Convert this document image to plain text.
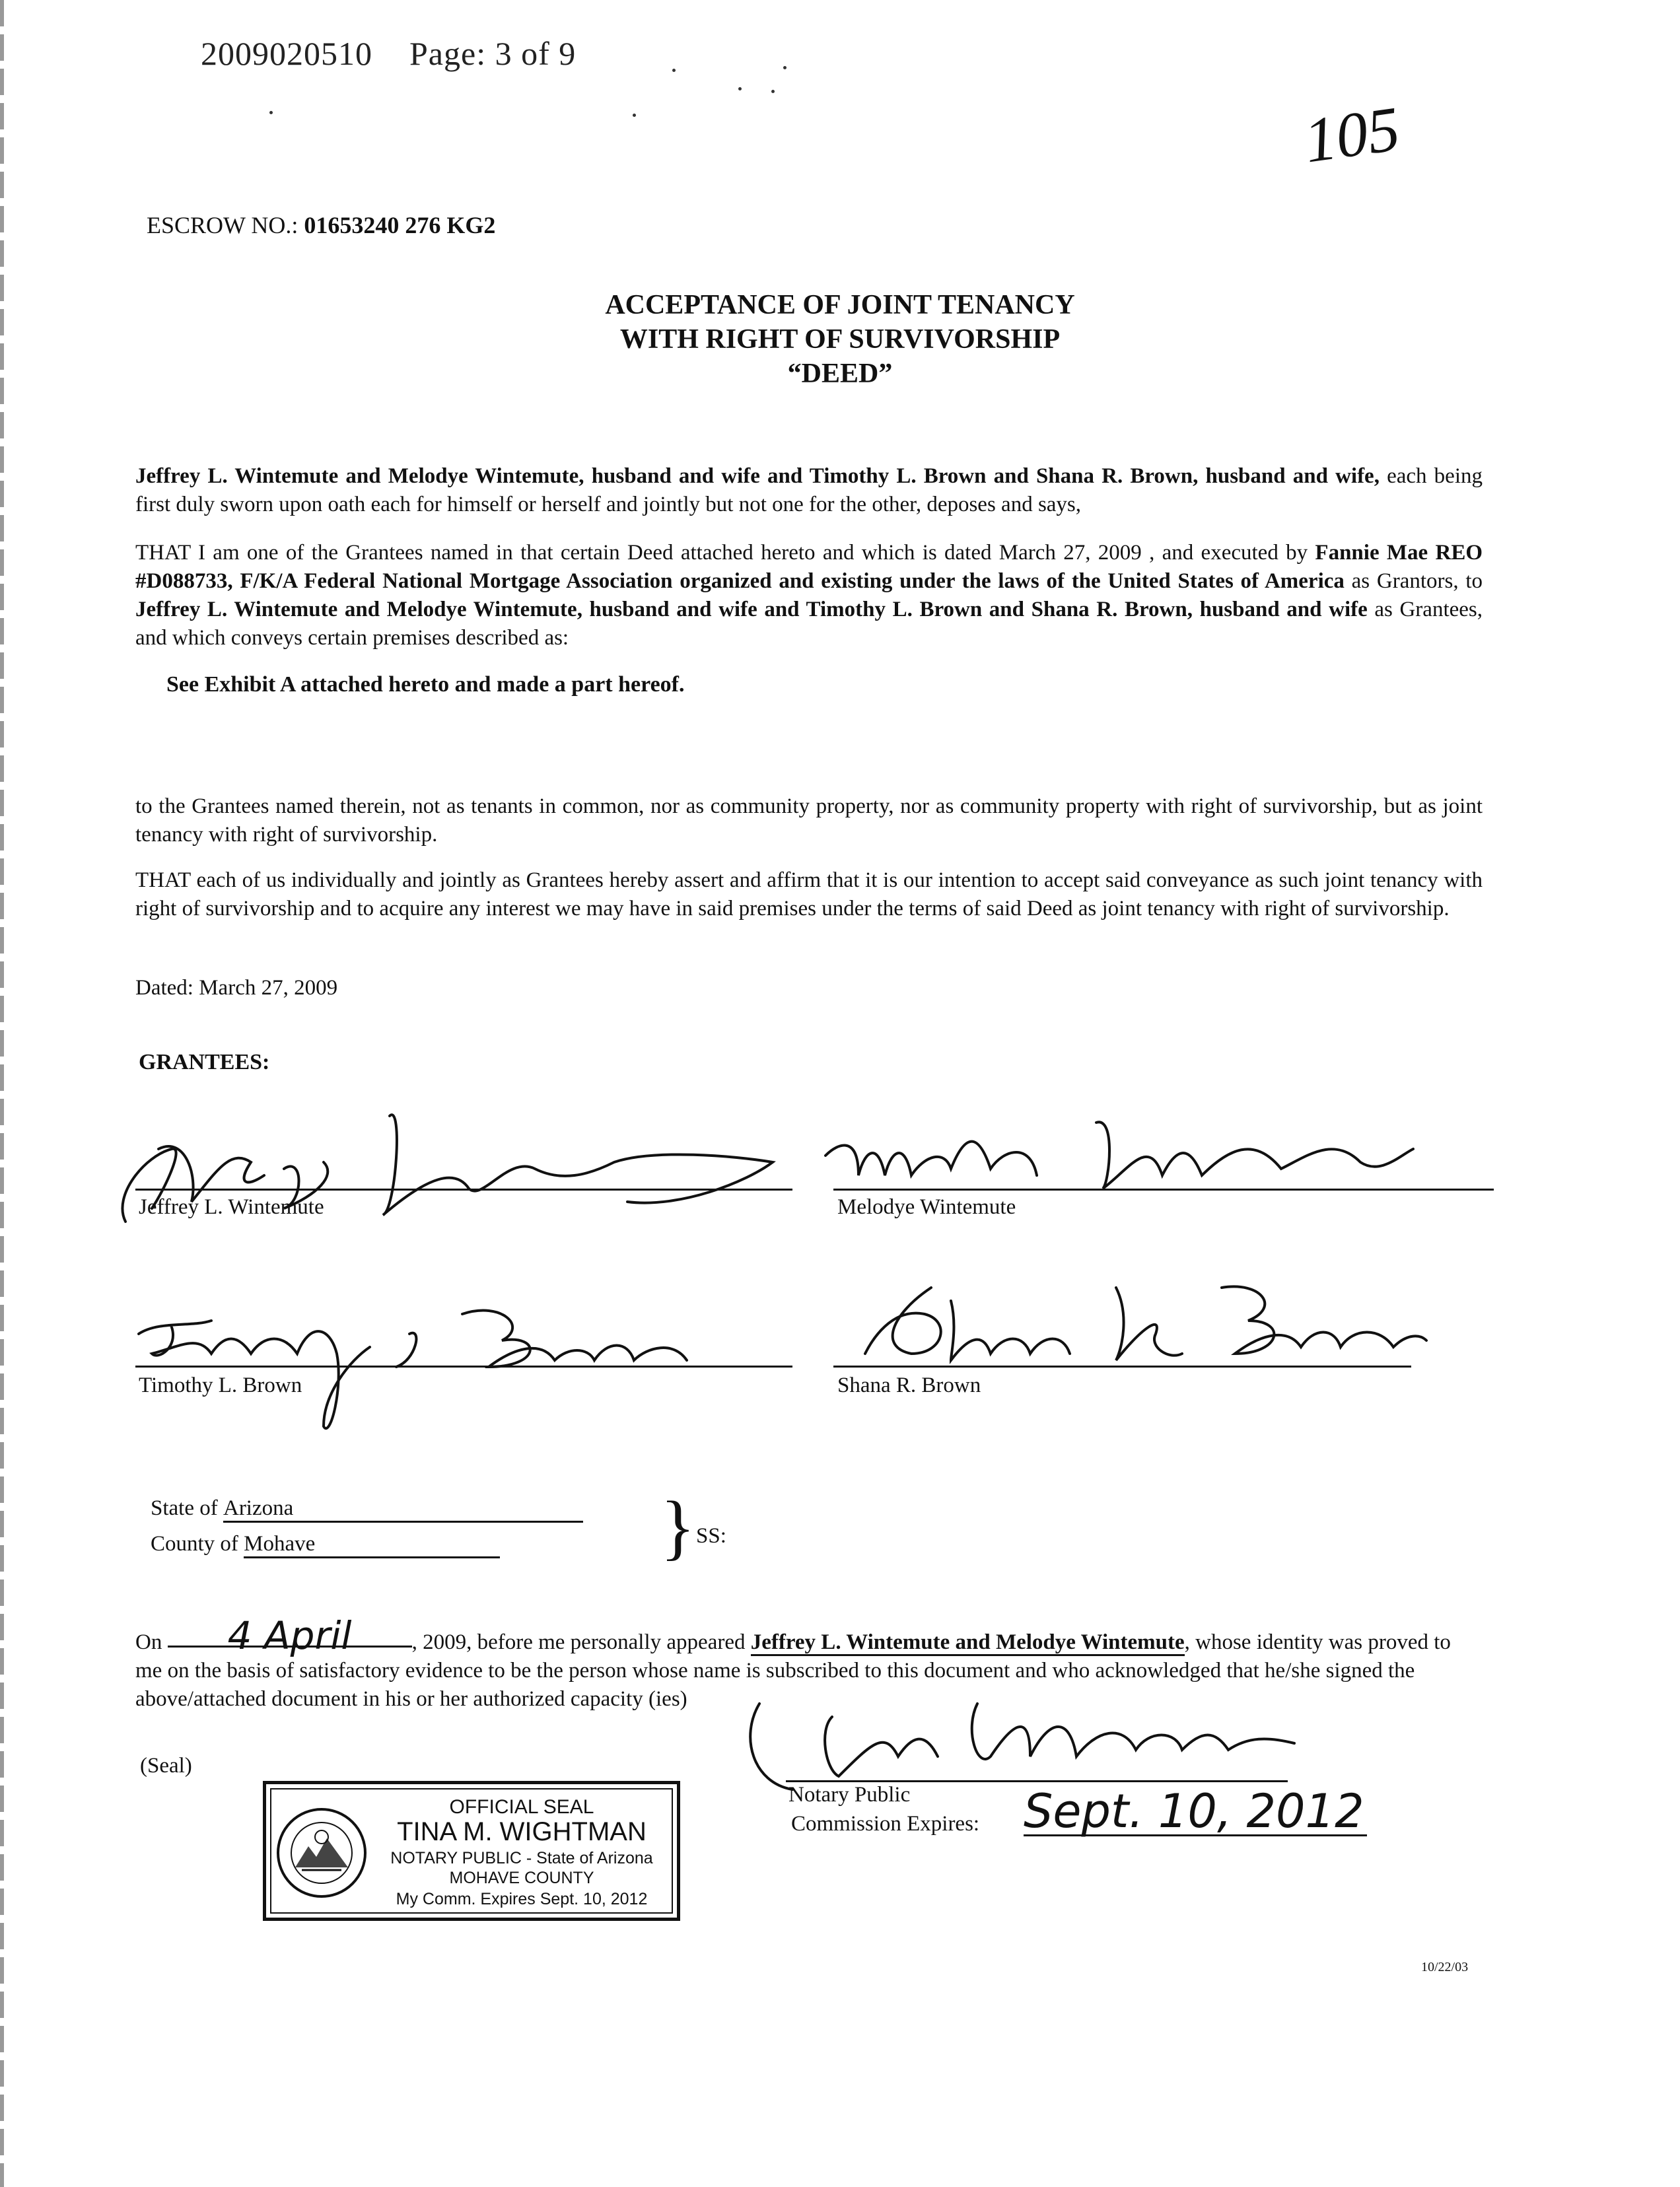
2009020510 Page: 3 of 9
105
ESCROW NO.: 01653240 276 KG2
ACCEPTANCE OF JOINT TENANCY
WITH RIGHT OF SURVIVORSHIP
“DEED”
Jeffrey L. Wintemute and Melodye Wintemute, husband and wife and Timothy L. Brown and Shana R. Brown, husband and wife, each being first duly sworn upon oath each for himself or herself and jointly but not one for the other, deposes and says,
THAT I am one of the Grantees named in that certain Deed attached hereto and which is dated March 27, 2009 , and executed by Fannie Mae REO #D088733, F/K/A Federal National Mortgage Association organized and existing under the laws of the United States of America as Grantors, to Jeffrey L. Wintemute and Melodye Wintemute, husband and wife and Timothy L. Brown and Shana R. Brown, husband and wife as Grantees, and which conveys certain premises described as:
See Exhibit A attached hereto and made a part hereof.
to the Grantees named therein, not as tenants in common, nor as community property, nor as community property with right of survivorship, but as joint tenancy with right of survivorship.
THAT each of us individually and jointly as Grantees hereby assert and affirm that it is our intention to accept said conveyance as such joint tenancy with right of survivorship and to acquire any interest we may have in said premises under the terms of said Deed as joint tenancy with right of survivorship.
Dated: March 27, 2009
GRANTEES:
Jeffrey L. Wintemute	Melodye Wintemute
Timothy L. Brown	Shana R. Brown
State of Arizona
County of Mohave	} SS:
On 4 April	, 2009, before me personally appeared Jeffrey L. Wintemute and Melodye Wintemute, whose identity was proved to me on the basis of satisfactory evidence to be the person whose name is subscribed to this document and who acknowledged that he/she signed the above/attached document in his or her authorized capacity (ies)
Notary Public
Commission Expires: Sept. 10, 2012
(Seal)
OFFICIAL SEAL
TINA M. WIGHTMAN
NOTARY PUBLIC - State of Arizona
MOHAVE COUNTY
My Comm. Expires Sept. 10, 2012
10/22/03
